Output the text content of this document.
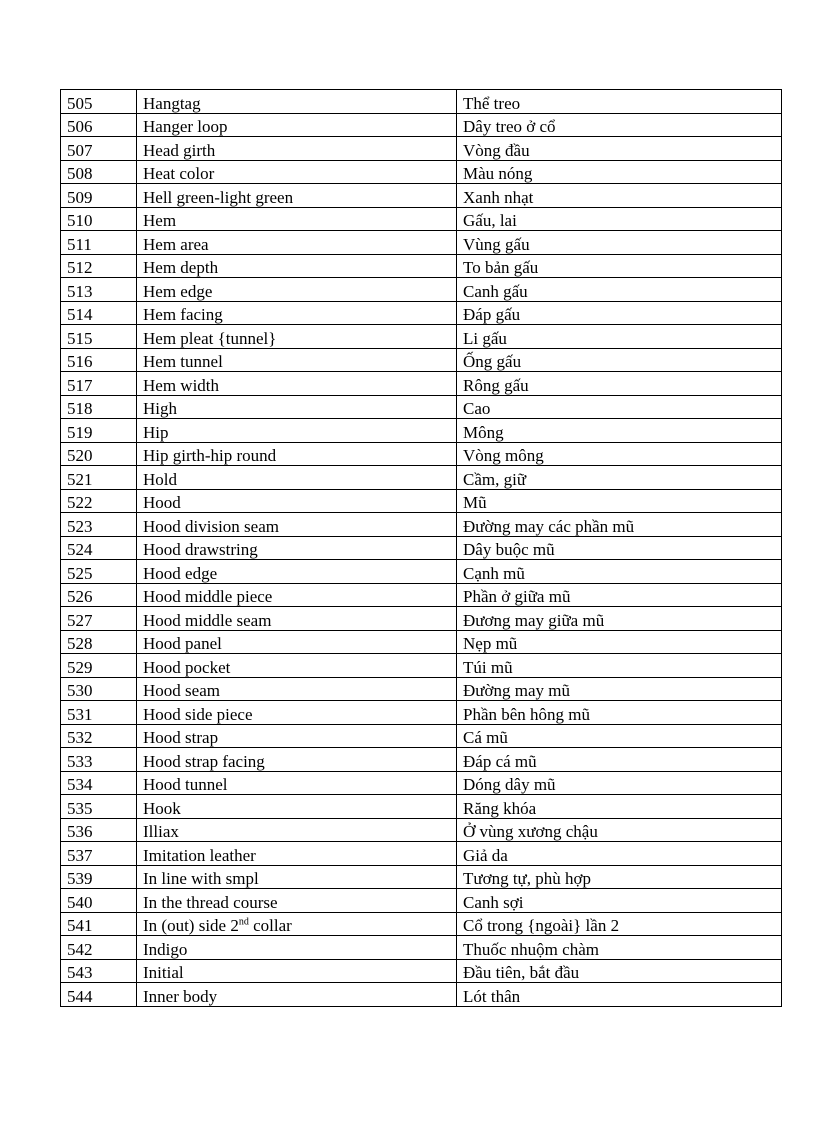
505	Hangtag	Thể treo
506	Hanger loop	Dây treo ở cổ
507	Head girth	Vòng đầu
508	Heat color	Màu nóng
509	Hell green-light green	Xanh nhạt
510	Hem	Gấu, lai
511	Hem area	Vùng gấu
512	Hem depth	To bản gấu
513	Hem edge	Canh gấu
514	Hem facing	Đáp gấu
515	Hem pleat {tunnel}	Li gấu
516	Hem tunnel	Ống gấu
517	Hem width	Rông gấu
518	High	Cao
519	Hip	Mông
520	Hip girth-hip round	Vòng mông
521	Hold	Cầm, giữ
522	Hood	Mũ
523	Hood division seam	Đường may các phần mũ
524	Hood drawstring	Dây buộc mũ
525	Hood edge	Cạnh mũ
526	Hood middle piece	Phần ở giữa mũ
527	Hood middle seam	Đương may giữa mũ
528	Hood panel	Nẹp mũ
529	Hood pocket	Túi mũ
530	Hood seam	Đường may mũ
531	Hood side piece	Phần bên hông mũ
532	Hood strap	Cá mũ
533	Hood strap facing	Đáp cá mũ
534	Hood tunnel	Dóng dây mũ
535	Hook	Răng khóa
536	Illiax	Ở vùng xương chậu
537	Imitation leather	Giả da
539	In line with smpl	Tương tự, phù hợp
540	In the thread course	Canh sợi
541	In (out) side 2nd collar	Cổ trong {ngoài} lần 2
542	Indigo	Thuốc nhuộm chàm
543	Initial	Đầu tiên, bắt đầu
544	Inner body	Lót thân
